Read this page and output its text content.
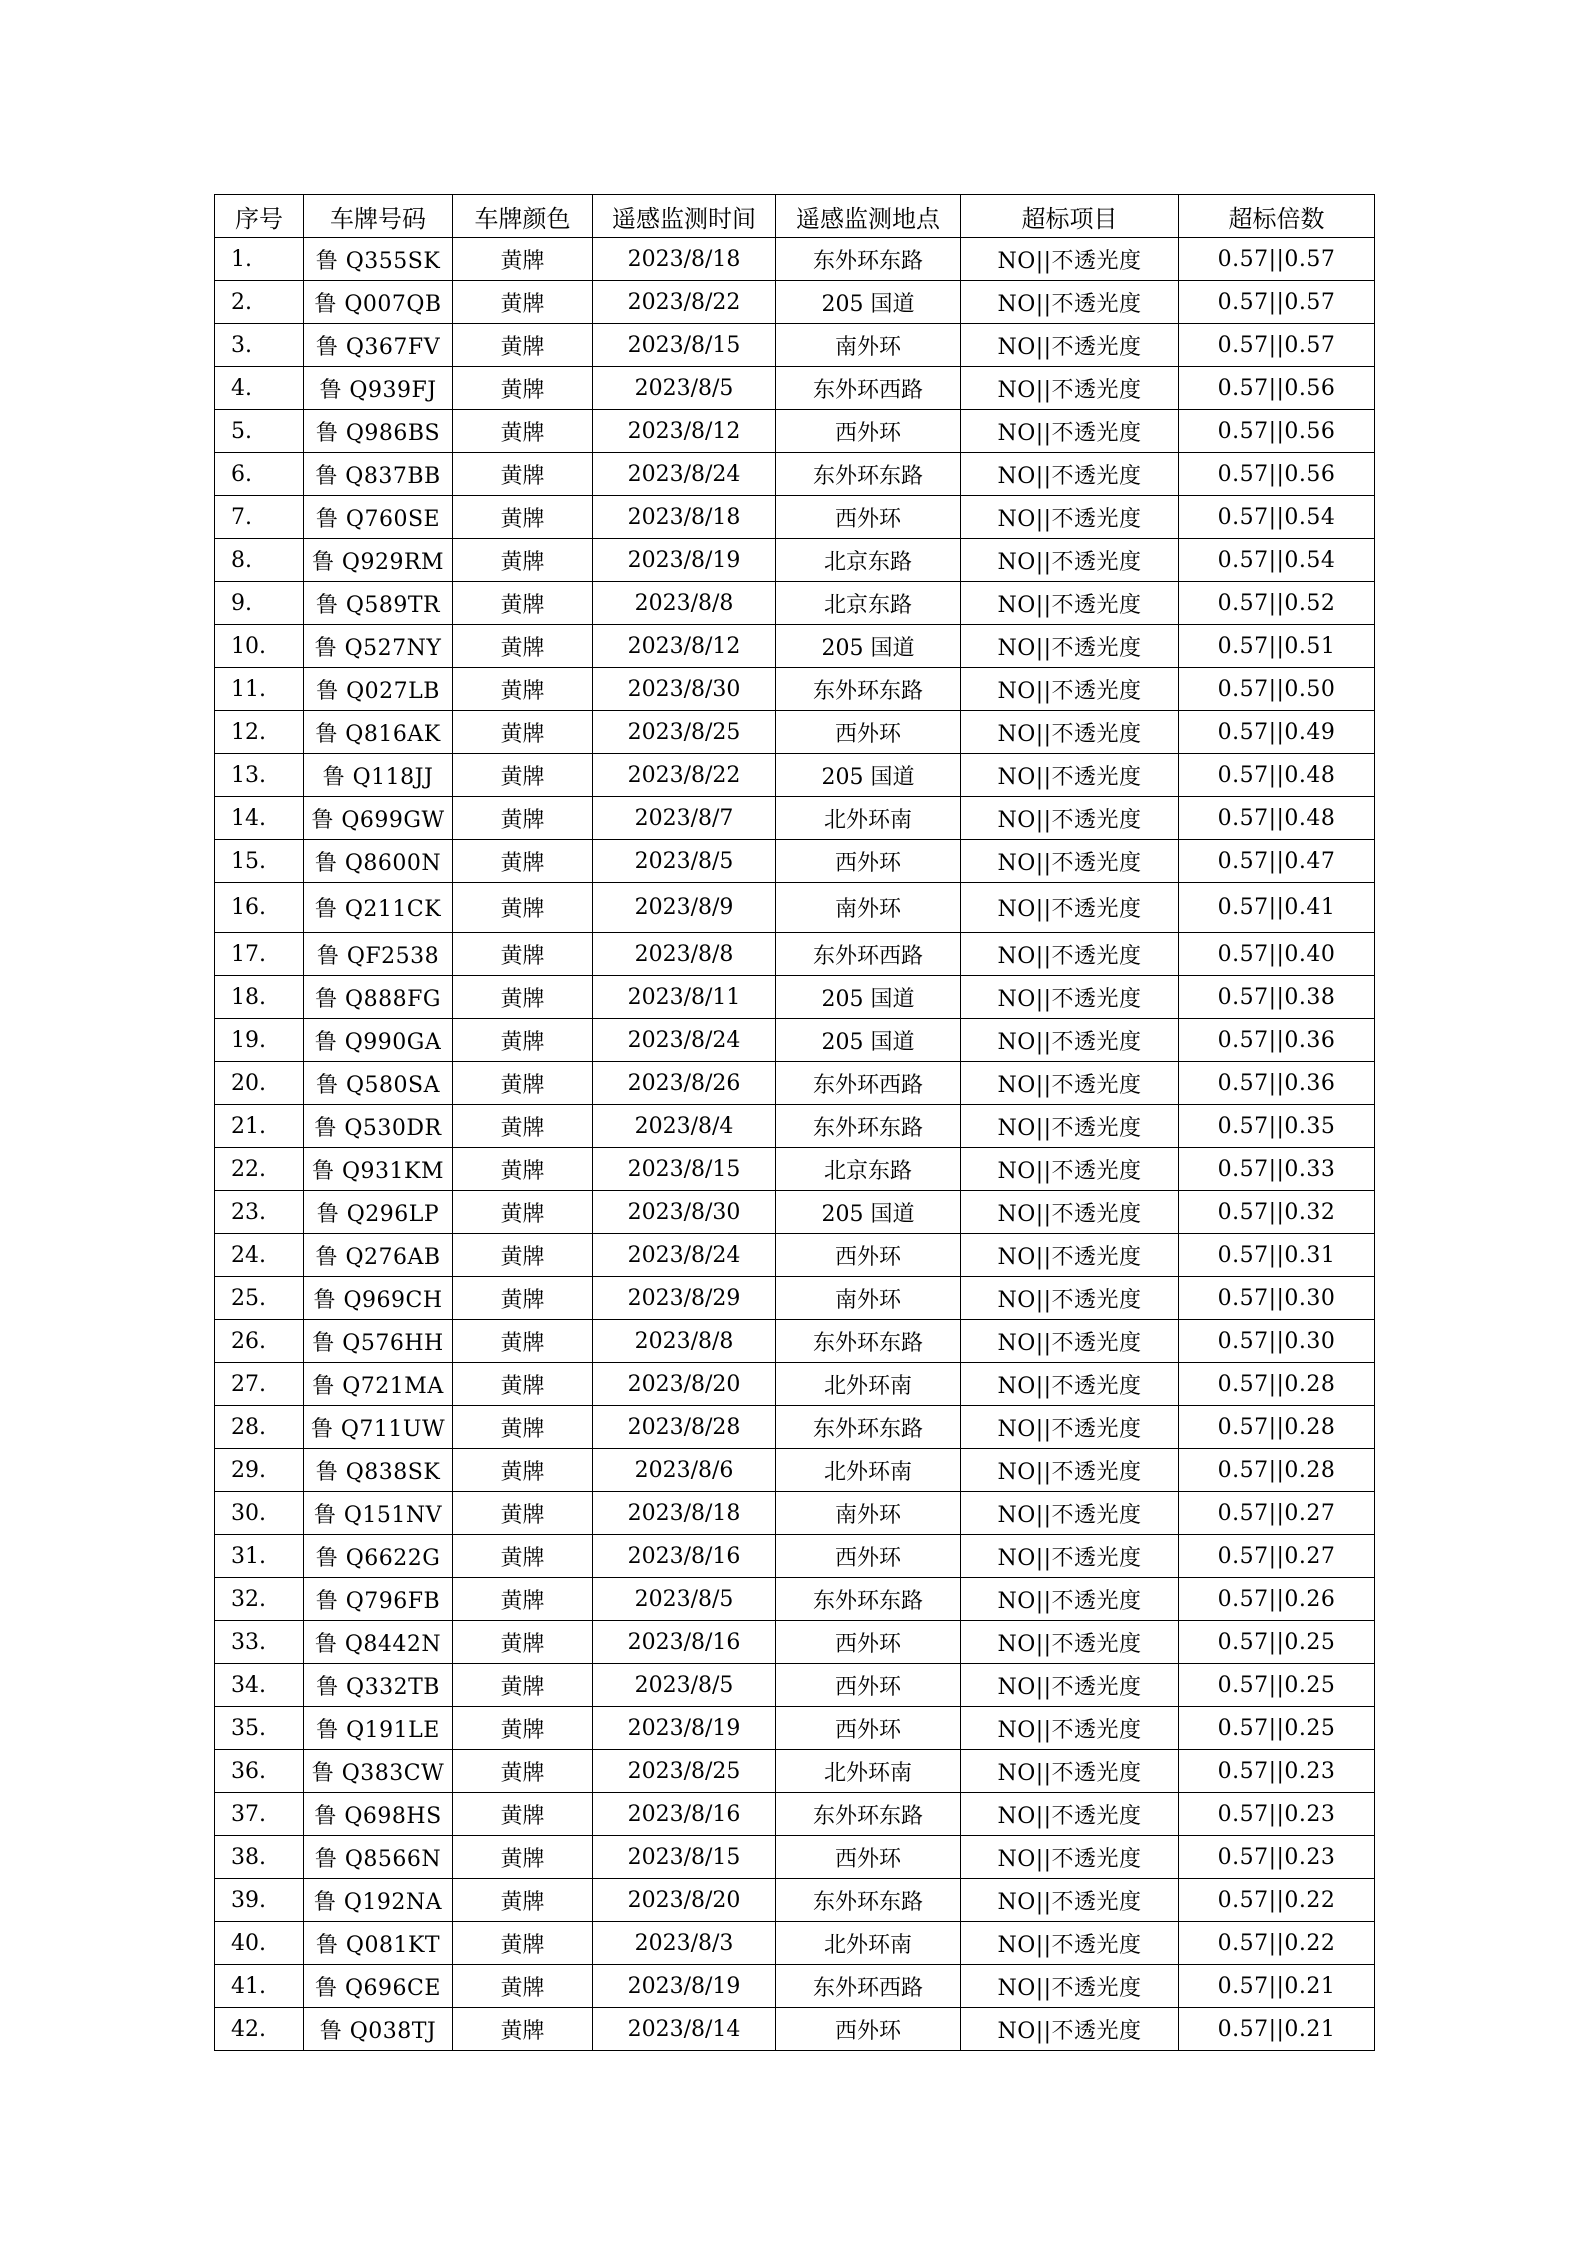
序号	车牌号码	车牌颜色	遥感监测时间	遥感监测地点	超标项目	超标倍数
1.	鲁 Q355SK	黄牌	2023/8/18	东外环东路	NO||不透光度	0.57||0.57
2.	鲁 Q007QB	黄牌	2023/8/22	205 国道	NO||不透光度	0.57||0.57
3.	鲁 Q367FV	黄牌	2023/8/15	南外环	NO||不透光度	0.57||0.57
4.	鲁 Q939FJ	黄牌	2023/8/5	东外环西路	NO||不透光度	0.57||0.56
5.	鲁 Q986BS	黄牌	2023/8/12	西外环	NO||不透光度	0.57||0.56
6.	鲁 Q837BB	黄牌	2023/8/24	东外环东路	NO||不透光度	0.57||0.56
7.	鲁 Q760SE	黄牌	2023/8/18	西外环	NO||不透光度	0.57||0.54
8.	鲁 Q929RM	黄牌	2023/8/19	北京东路	NO||不透光度	0.57||0.54
9.	鲁 Q589TR	黄牌	2023/8/8	北京东路	NO||不透光度	0.57||0.52
10.	鲁 Q527NY	黄牌	2023/8/12	205 国道	NO||不透光度	0.57||0.51
11.	鲁 Q027LB	黄牌	2023/8/30	东外环东路	NO||不透光度	0.57||0.50
12.	鲁 Q816AK	黄牌	2023/8/25	西外环	NO||不透光度	0.57||0.49
13.	鲁 Q118JJ	黄牌	2023/8/22	205 国道	NO||不透光度	0.57||0.48
14.	鲁 Q699GW	黄牌	2023/8/7	北外环南	NO||不透光度	0.57||0.48
15.	鲁 Q8600N	黄牌	2023/8/5	西外环	NO||不透光度	0.57||0.47
16.	鲁 Q211CK	黄牌	2023/8/9	南外环	NO||不透光度	0.57||0.41
17.	鲁 QF2538	黄牌	2023/8/8	东外环西路	NO||不透光度	0.57||0.40
18.	鲁 Q888FG	黄牌	2023/8/11	205 国道	NO||不透光度	0.57||0.38
19.	鲁 Q990GA	黄牌	2023/8/24	205 国道	NO||不透光度	0.57||0.36
20.	鲁 Q580SA	黄牌	2023/8/26	东外环西路	NO||不透光度	0.57||0.36
21.	鲁 Q530DR	黄牌	2023/8/4	东外环东路	NO||不透光度	0.57||0.35
22.	鲁 Q931KM	黄牌	2023/8/15	北京东路	NO||不透光度	0.57||0.33
23.	鲁 Q296LP	黄牌	2023/8/30	205 国道	NO||不透光度	0.57||0.32
24.	鲁 Q276AB	黄牌	2023/8/24	西外环	NO||不透光度	0.57||0.31
25.	鲁 Q969CH	黄牌	2023/8/29	南外环	NO||不透光度	0.57||0.30
26.	鲁 Q576HH	黄牌	2023/8/8	东外环东路	NO||不透光度	0.57||0.30
27.	鲁 Q721MA	黄牌	2023/8/20	北外环南	NO||不透光度	0.57||0.28
28.	鲁 Q711UW	黄牌	2023/8/28	东外环东路	NO||不透光度	0.57||0.28
29.	鲁 Q838SK	黄牌	2023/8/6	北外环南	NO||不透光度	0.57||0.28
30.	鲁 Q151NV	黄牌	2023/8/18	南外环	NO||不透光度	0.57||0.27
31.	鲁 Q6622G	黄牌	2023/8/16	西外环	NO||不透光度	0.57||0.27
32.	鲁 Q796FB	黄牌	2023/8/5	东外环东路	NO||不透光度	0.57||0.26
33.	鲁 Q8442N	黄牌	2023/8/16	西外环	NO||不透光度	0.57||0.25
34.	鲁 Q332TB	黄牌	2023/8/5	西外环	NO||不透光度	0.57||0.25
35.	鲁 Q191LE	黄牌	2023/8/19	西外环	NO||不透光度	0.57||0.25
36.	鲁 Q383CW	黄牌	2023/8/25	北外环南	NO||不透光度	0.57||0.23
37.	鲁 Q698HS	黄牌	2023/8/16	东外环东路	NO||不透光度	0.57||0.23
38.	鲁 Q8566N	黄牌	2023/8/15	西外环	NO||不透光度	0.57||0.23
39.	鲁 Q192NA	黄牌	2023/8/20	东外环东路	NO||不透光度	0.57||0.22
40.	鲁 Q081KT	黄牌	2023/8/3	北外环南	NO||不透光度	0.57||0.22
41.	鲁 Q696CE	黄牌	2023/8/19	东外环西路	NO||不透光度	0.57||0.21
42.	鲁 Q038TJ	黄牌	2023/8/14	西外环	NO||不透光度	0.57||0.21
